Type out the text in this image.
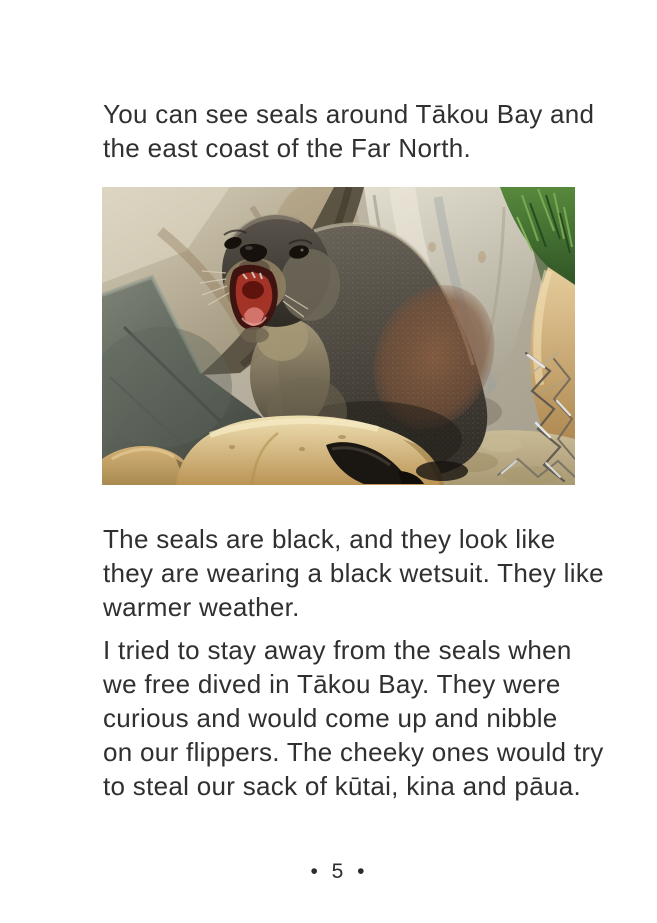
You can see seals around Tākou Bay and
the east coast of the Far North.

The seals are black, and they look like
they are wearing a black wetsuit. They like
warmer weather.

I tried to stay away from the seals when
we free dived in Tākou Bay. They were
curious and would come up and nibble
on our flippers. The cheeky ones would try
to steal our sack of kūtai, kina and pāua.

• 5 •
